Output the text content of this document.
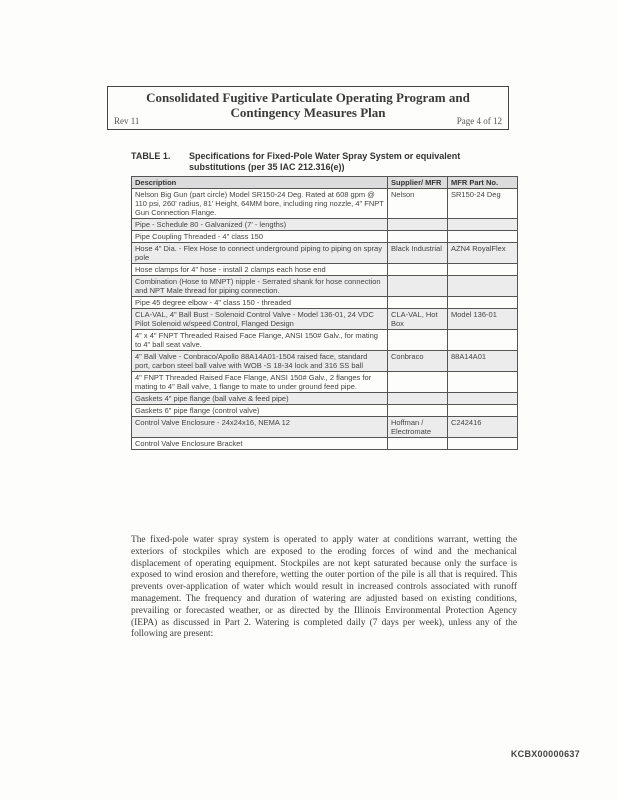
Consolidated Fugitive Particulate Operating Program and
Contingency Measures Plan
Rev 11	Page 4 of 12
TABLE 1. Specifications for Fixed-Pole Water Spray System or equivalent substitutions (per 35 IAC 212.316(e))
Description	Supplier/ MFR	MFR Part No.
Nelson Big Gun (part circle) Model SR150-24 Deg. Rated at 608 gpm @ 110 psi, 260' radius, 81' Height, 64MM bore, including ring nozzle, 4" FNPT Gun Connection Flange.	Nelson	SR150-24 Deg
Pipe - Schedule 80 - Galvanized (7' - lengths)		
Pipe Coupling Threaded - 4" class 150		
Hose 4" Dia. - Flex Hose to connect underground piping to piping on spray pole	Black Industrial	AZN4 RoyalFlex
Hose clamps for 4" hose - install 2 clamps each hose end		
Combination (Hose to MNPT) nipple - Serrated shank for hose connection and NPT Male thread for piping connection.		
Pipe 45 degree elbow - 4" class 150 - threaded		
CLA-VAL, 4" Ball Bust - Solenoid Control Valve - Model 136-01, 24 VDC Pilot Solenoid w/speed Control, Flanged Design	CLA-VAL, Hot Box	Model 136-01
4" x 4" FNPT Threaded Raised Face Flange, ANSI 150# Galv., for mating to 4" ball seat valve.		
4" Ball Valve - Conbraco/Apollo 88A14A01-1504 raised face, standard port, carbon steel ball valve with WOB -S 18-34 lock and 316 SS ball	Conbraco	88A14A01
4" FNPT Threaded Raised Face Flange, ANSI 150# Galv., 2 flanges for mating to 4" Ball valve, 1 flange to mate to under ground feed pipe.		
Gaskets 4" pipe flange (ball valve & feed pipe)		
Gaskets 6" pipe flange (control valve)		
Control Valve Enclosure - 24x24x16, NEMA 12	Hoffman / Electromate	C242416
Control Valve Enclosure Bracket		
The fixed-pole water spray system is operated to apply water at conditions warrant, wetting the exteriors of stockpiles which are exposed to the eroding forces of wind and the mechanical displacement of operating equipment. Stockpiles are not kept saturated because only the surface is exposed to wind erosion and therefore, wetting the outer portion of the pile is all that is required. This prevents over-application of water which would result in increased controls associated with runoff management. The frequency and duration of watering are adjusted based on existing conditions, prevailing or forecasted weather, or as directed by the Illinois Environmental Protection Agency (IEPA) as discussed in Part 2. Watering is completed daily (7 days per week), unless any of the following are present:
KCBX00000637
